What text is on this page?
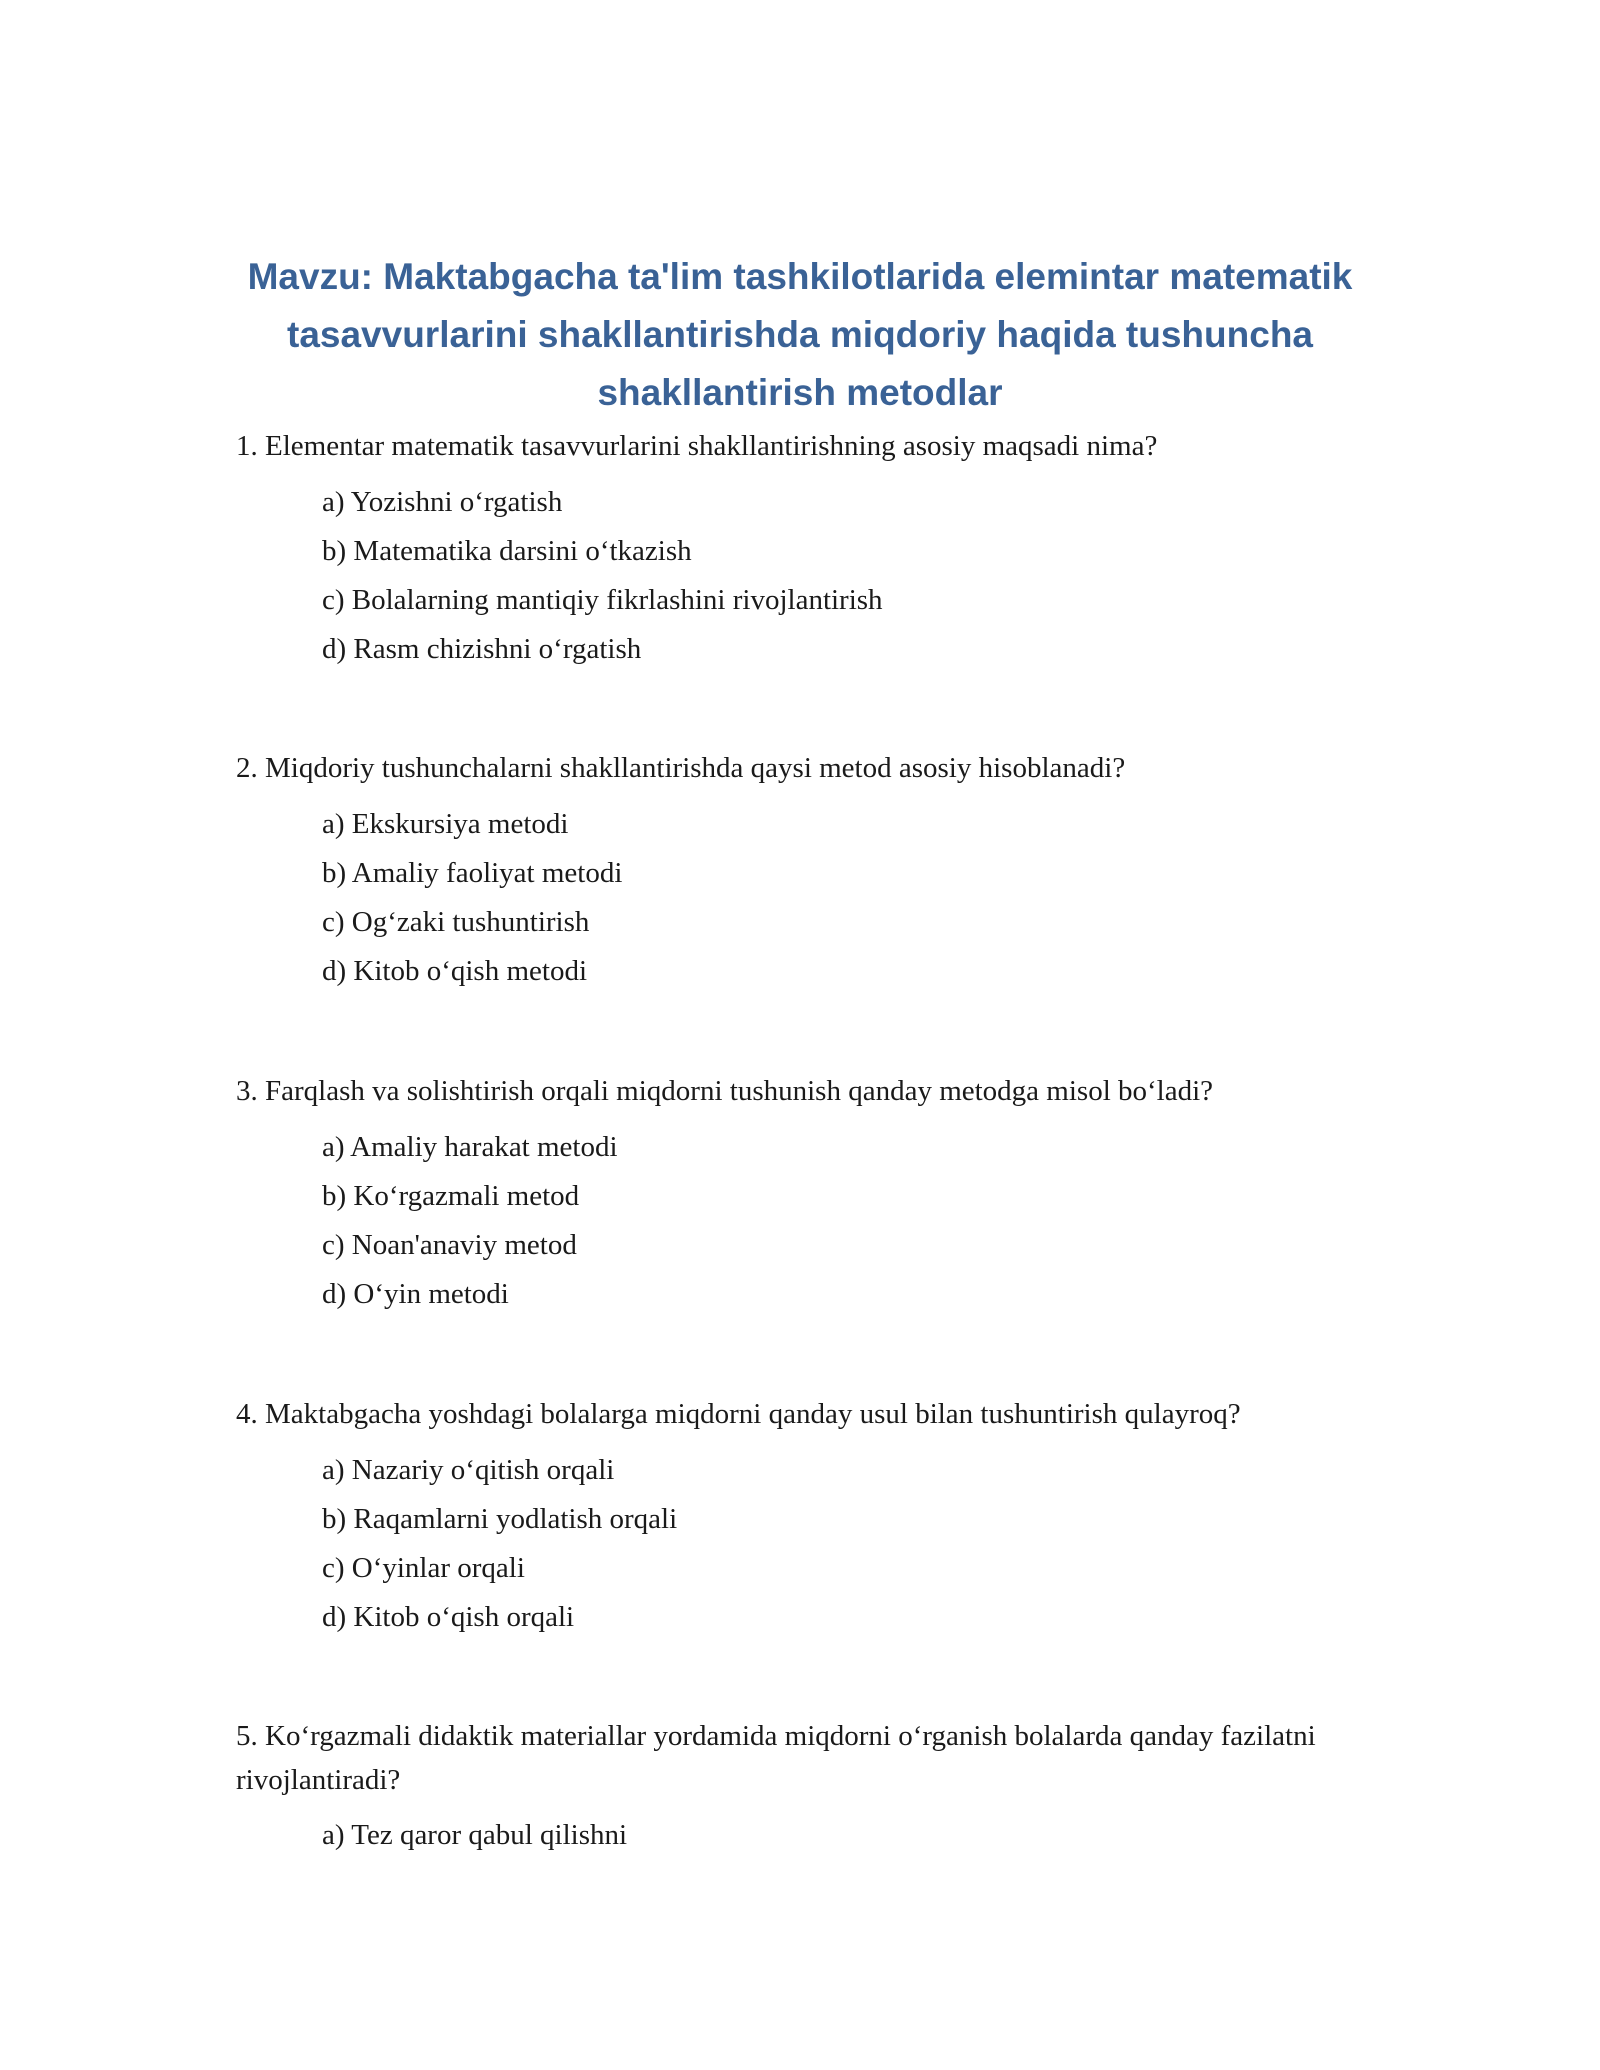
Mavzu: Maktabgacha ta'lim tashkilotlarida elemintar matematik
tasavvurlarini shakllantirishda miqdoriy haqida tushuncha
shakllantirish metodlar

1. Elementar matematik tasavvurlarini shakllantirishning asosiy maqsadi nima?

a) Yozishni o‘rgatish
b) Matematika darsini o‘tkazish
c) Bolalarning mantiqiy fikrlashini rivojlantirish
d) Rasm chizishni o‘rgatish

2. Miqdoriy tushunchalarni shakllantirishda qaysi metod asosiy hisoblanadi?

a) Ekskursiya metodi
b) Amaliy faoliyat metodi
c) Og‘zaki tushuntirish
d) Kitob o‘qish metodi

3. Farqlash va solishtirish orqali miqdorni tushunish qanday metodga misol bo‘ladi?

a) Amaliy harakat metodi
b) Ko‘rgazmali metod
c) Noan'anaviy metod
d) O‘yin metodi

4. Maktabgacha yoshdagi bolalarga miqdorni qanday usul bilan tushuntirish qulayroq?

a) Nazariy o‘qitish orqali
b) Raqamlarni yodlatish orqali
c) O‘yinlar orqali
d) Kitob o‘qish orqali

5. Ko‘rgazmali didaktik materiallar yordamida miqdorni o‘rganish bolalarda qanday fazilatni rivojlantiradi?

a) Tez qaror qabul qilishni
